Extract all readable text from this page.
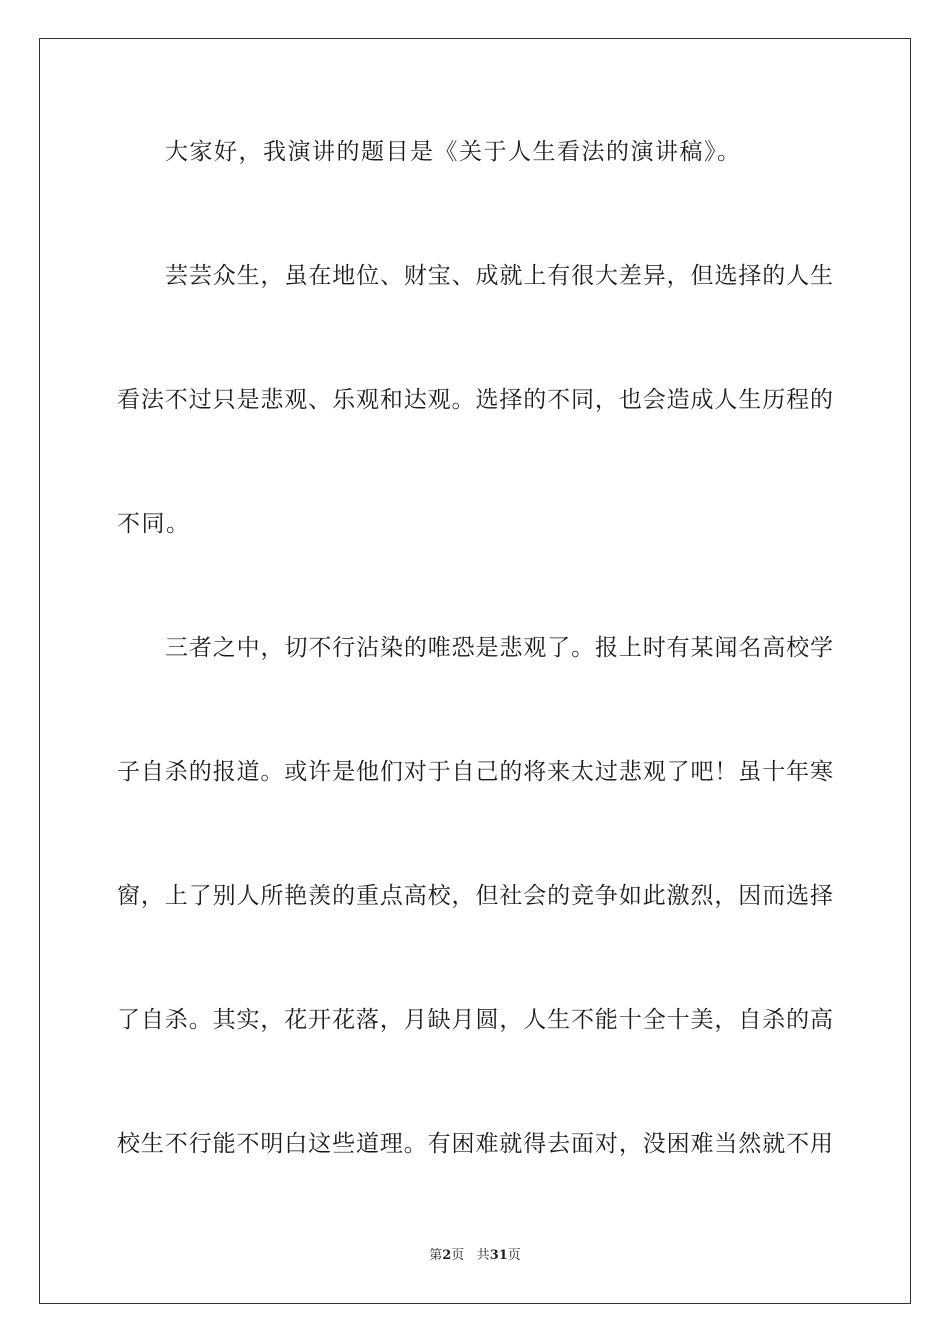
大家好，我演讲的题目是《关于人生看法的演讲稿》。
芸芸众生，虽在地位、财宝、成就上有很大差异，但选择的人生
看法不过只是悲观、乐观和达观。选择的不同，也会造成人生历程的
不同。
三者之中，切不行沾染的唯恐是悲观了。报上时有某闻名高校学
子自杀的报道。或许是他们对于自己的将来太过悲观了吧！虽十年寒
窗，上了别人所艳羡的重点高校，但社会的竞争如此激烈，因而选择
了自杀。其实，花开花落，月缺月圆，人生不能十全十美，自杀的高
校生不行能不明白这些道理。有困难就得去面对，没困难当然就不用
第2页 共31页
